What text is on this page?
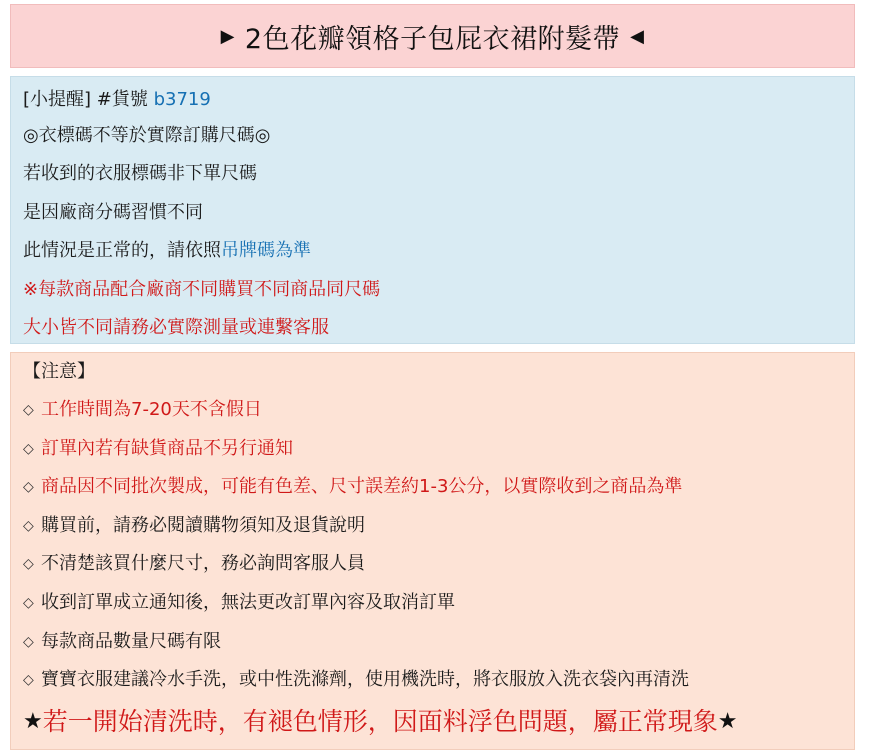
▶ 2色花瓣領格子包屁衣裙附髮帶 ◀
[小提醒] #貨號 b3719
◎衣標碼不等於實際訂購尺碼◎
若收到的衣服標碼非下單尺碼
是因廠商分碼習慣不同
此情況是正常的，請依照吊牌碼為準
※每款商品配合廠商不同購買不同商品同尺碼
大小皆不同請務必實際測量或連繫客服
【注意】
◇ 工作時間為7-20天不含假日
◇ 訂單內若有缺貨商品不另行通知
◇ 商品因不同批次製成，可能有色差、尺寸誤差約1-3公分，以實際收到之商品為準
◇ 購買前，請務必閱讀購物須知及退貨說明
◇ 不清楚該買什麼尺寸，務必詢問客服人員
◇ 收到訂單成立通知後，無法更改訂單內容及取消訂單
◇ 每款商品數量尺碼有限
◇ 寶寶衣服建議冷水手洗，或中性洗滌劑，使用機洗時，將衣服放入洗衣袋內再清洗
★ 若一開始清洗時，有褪色情形，因面料浮色問題，屬正常現象 ★
